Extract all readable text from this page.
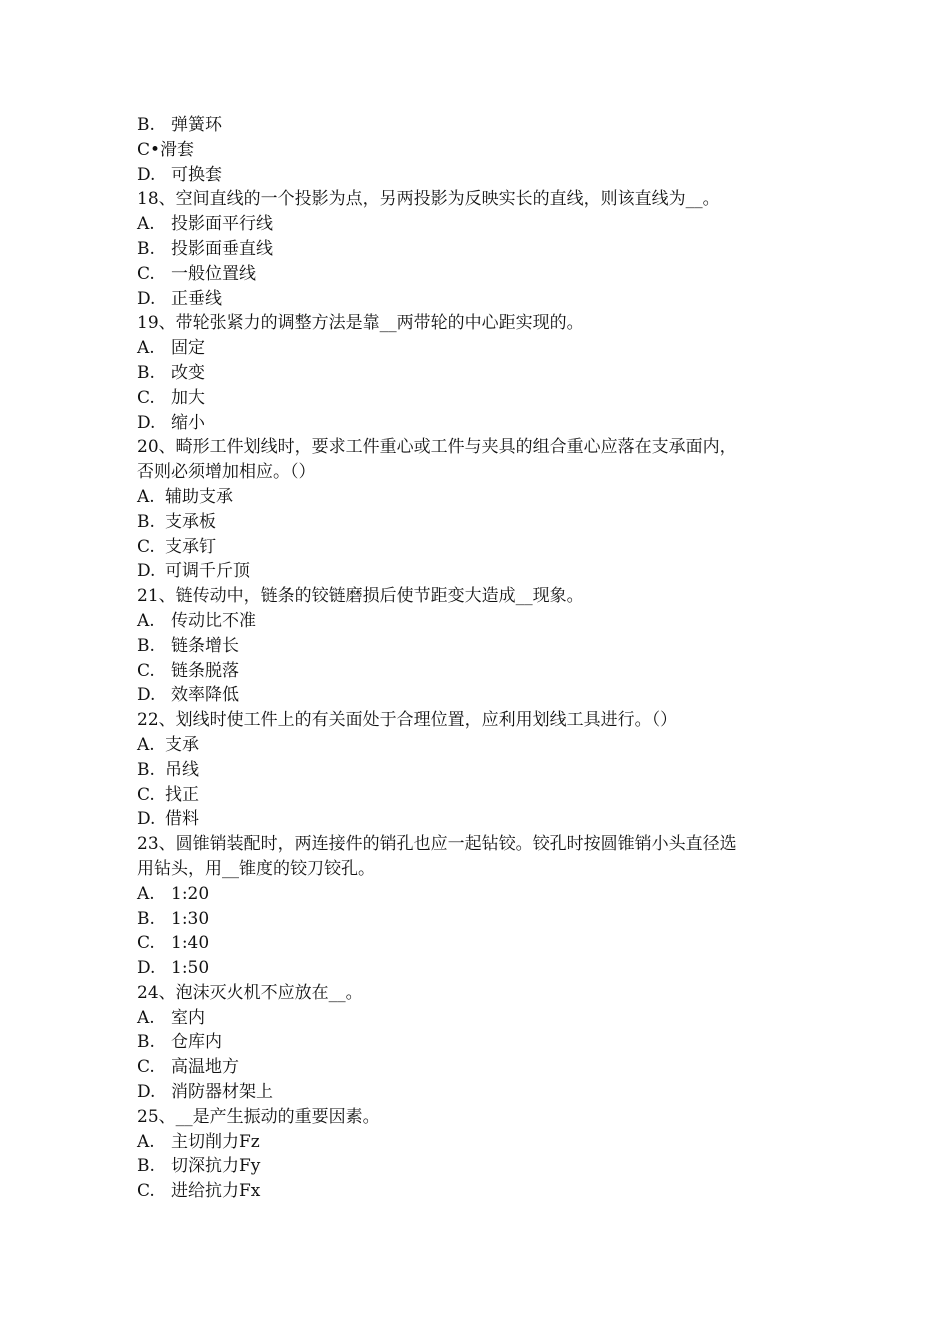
B. 弹簧环
C•滑套
D. 可换套
18、空间直线的一个投影为点，另两投影为反映实长的直线，则该直线为__。
A. 投影面平行线
B. 投影面垂直线
C. 一般位置线
D. 正垂线
19、带轮张紧力的调整方法是靠__两带轮的中心距实现的。
A. 固定
B. 改变
C. 加大
D. 缩小
20、畸形工件划线时，要求工件重心或工件与夹具的组合重心应落在支承面内，
否则必须增加相应。（）
A. 辅助支承
B. 支承板
C. 支承钉
D. 可调千斤顶
21、链传动中，链条的铰链磨损后使节距变大造成__现象。
A. 传动比不准
B. 链条增长
C. 链条脱落
D. 效率降低
22、划线时使工件上的有关面处于合理位置，应利用划线工具进行。（）
A. 支承
B. 吊线
C. 找正
D. 借料
23、圆锥销装配时，两连接件的销孔也应一起钻铰。铰孔时按圆锥销小头直径选
用钻头，用__锥度的铰刀铰孔。
A. 1:20
B. 1:30
C. 1:40
D. 1:50
24、泡沫灭火机不应放在__。
A. 室内
B. 仓库内
C. 高温地方
D. 消防器材架上
25、__是产生振动的重要因素。
A. 主切削力Fz
B. 切深抗力Fy
C. 进给抗力Fx
